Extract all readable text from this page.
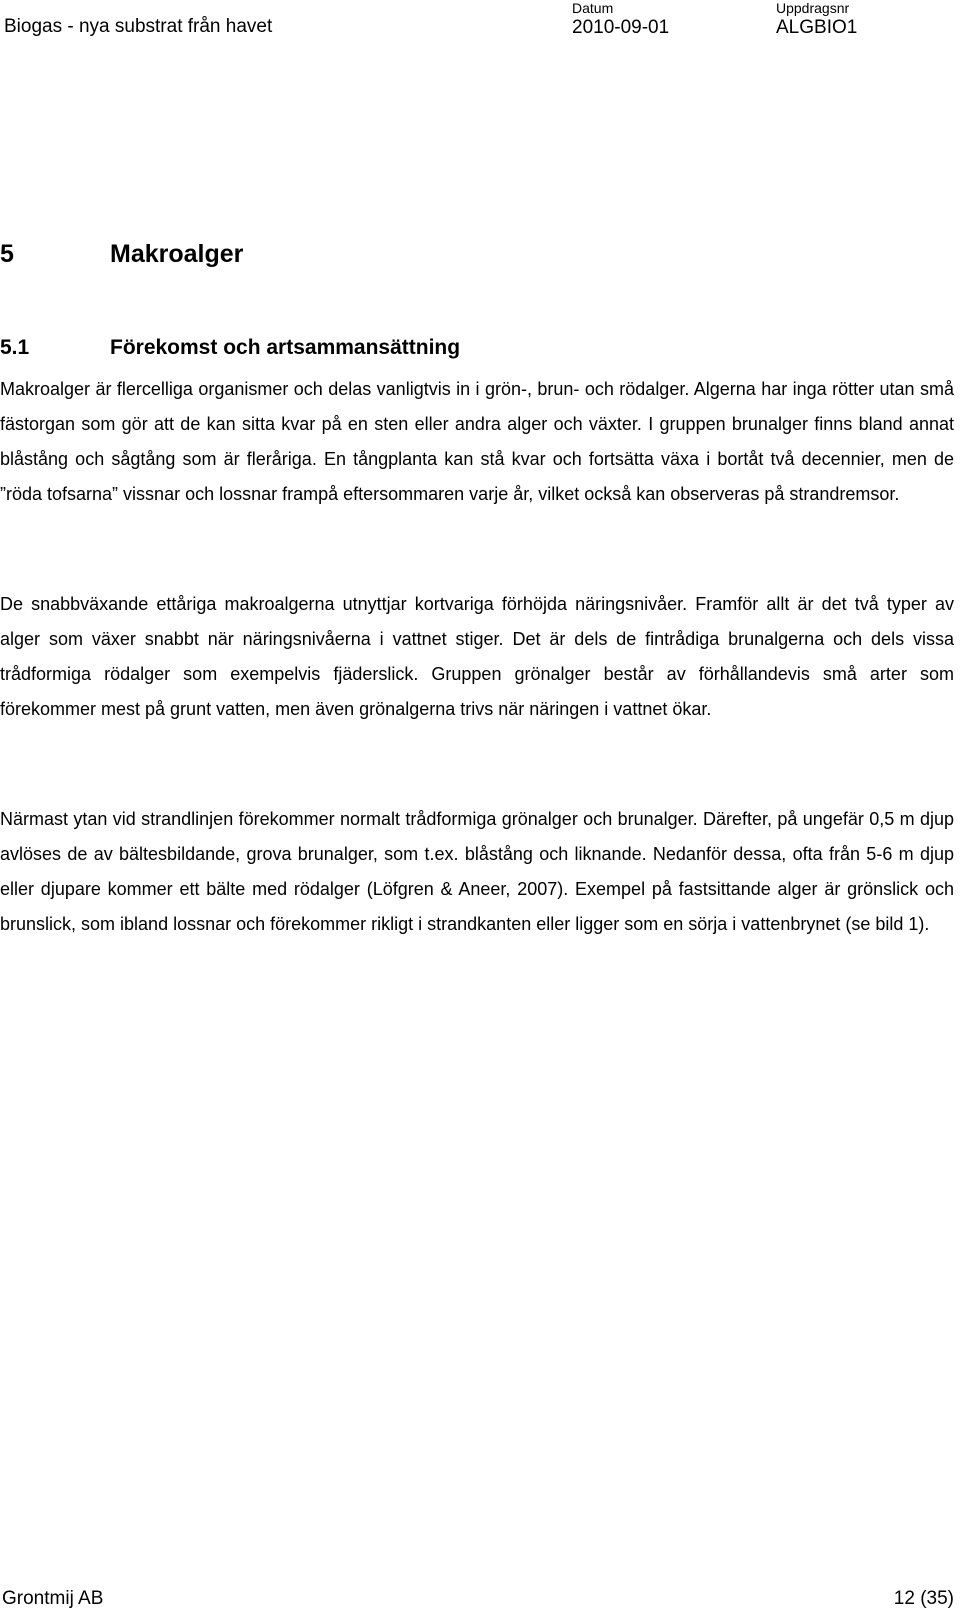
Biogas - nya substrat från havet
Datum
2010-09-01
Uppdragsnr
ALGBIO1
5	Makroalger
5.1	Förekomst och artsammansättning

Makroalger är flercelliga organismer och delas vanligtvis in i grön-, brun- och rödalger. Algerna har inga rötter utan små fästorgan som gör att de kan sitta kvar på en sten eller andra alger och växter. I gruppen brunalger finns bland annat blåstång och sågtång som är fleråriga. En tångplanta kan stå kvar och fortsätta växa i bortåt två decennier, men de ”röda tofsarna” vissnar och lossnar frampå eftersommaren varje år, vilket också kan observeras på strandremsor.

De snabbväxande ettåriga makroalgerna utnyttjar kortvariga förhöjda näringsnivåer. Framför allt är det två typer av alger som växer snabbt när näringsnivåerna i vattnet stiger. Det är dels de fintrådiga brunalgerna och dels vissa trådformiga rödalger som exempelvis fjäderslick. Gruppen grönalger består av förhållandevis små arter som förekommer mest på grunt vatten, men även grönalgerna trivs när näringen i vattnet ökar.

Närmast ytan vid strandlinjen förekommer normalt trådformiga grönalger och brunalger. Därefter, på ungefär 0,5 m djup avlöses de av bältesbildande, grova brunalger, som t.ex. blåstång och liknande. Nedanför dessa, ofta från 5-6 m djup eller djupare kommer ett bälte med rödalger (Löfgren & Aneer, 2007). Exempel på fastsittande alger är grönslick och brunslick, som ibland lossnar och förekommer rikligt i strandkanten eller ligger som en sörja i vattenbrynet (se bild 1).

Grontmij AB	12 (35)
